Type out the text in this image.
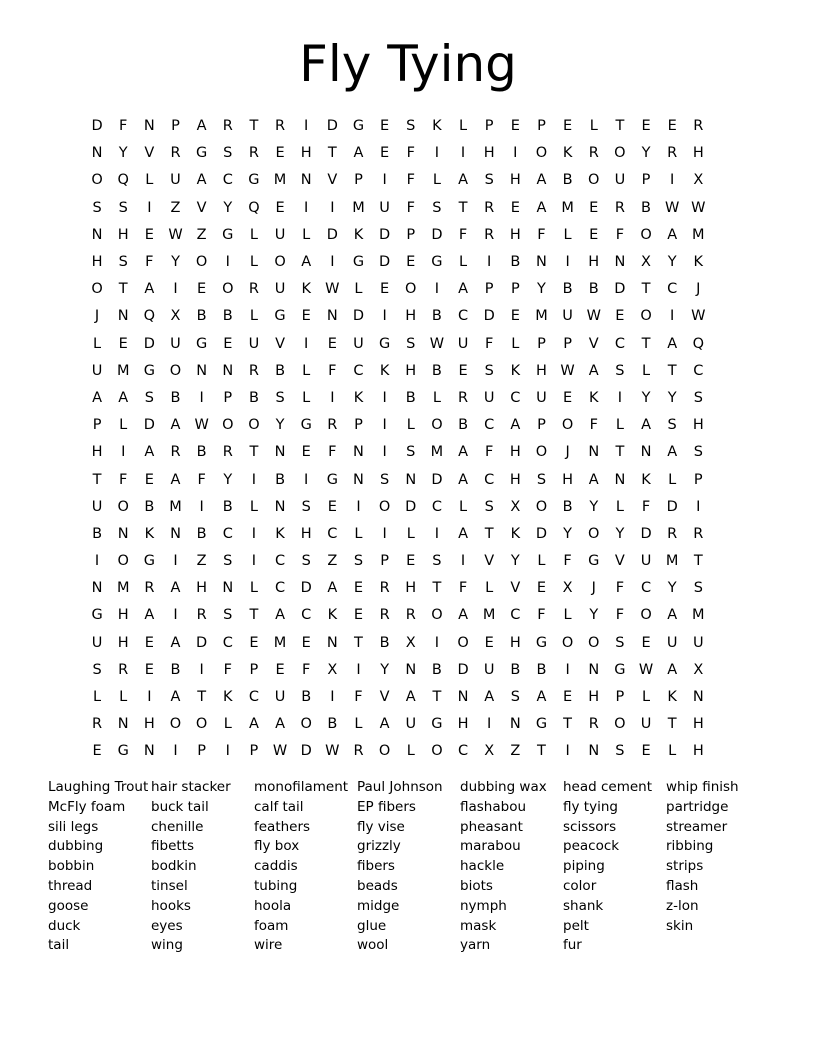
Fly Tying
D	F	N	P	A	R	T	R	I	D	G	E	S	K	L	P	E	P	E	L	T	E	E	R
N	Y	V	R	G	S	R	E	H	T	A	E	F	I	I	H	I	O	K	R	O	Y	R	H
O	Q	L	U	A	C	G M N	V	P	I	F	L	A	S	H	A	B	O	U	P	I	X
S	S	I	Z	V	Y	Q	E	I	I	M	U	F	S	T	R	E	A	M	E	R	B W W
N	H	E W Z	G	L	U	L	D	K	D	P	D	F	R	H	F	L	E	F	O	A	M
H	S	F	Y	O	I	L	O	A	I	G	D	E	G	L	I	B	N	I	H	N	X	Y	K
O	T	A	I	E	O	R	U	K W	L	E	O	I	A	P	P	Y	B	B	D	T	C	J
J	N	Q	X	B	B	L	G	E	N	D	I	H	B	C	D	E	M	U W E	O	I	W
L	E	D	U	G	E	U	V	I	E	U	G	S W U	F	L	P	P	V	C	T	A	Q
U	M G	O	N	N	R	B	L	F	C	K	H	B	E	S	K	H W A	S	L	T	C
A	A	S	B	I	P	B	S	L	I	K	I	B	L	R	U	C	U	E	K	I	Y	Y	S
P	L	D	A W O	O	Y	G	R	P	I	L	O	B	C	A	P	O	F	L	A	S	H
H	I	A	R	B	R	T	N	E	F	N	I	S	M	A	F	H	O	J	N	T	N	A	S
T	F	E	A	F	Y	I	B	I	G	N	S	N	D	A	C	H	S	H	A	N	K	L	P
U	O	B	M	I	B	L	N	S	E	I	O	D	C	L	S	X	O	B	Y	L	F	D	I
B	N	K	N	B	C	I	K	H	C	L	I	L	I	A	T	K	D	Y	O	Y	D	R	R
I	O	G	I	Z	S	I	C	S	Z	S	P	E	S	I	V	Y	L	F	G	V	U	M	T
N M	R	A	H	N	L	C	D	A	E	R	H	T	F	L	V	E	X	J	F	C	Y	S
G	H	A	I	R	S	T	A	C	K	E	R	R	O	A	M	C	F	L	Y	F	O	A	M
U	H	E	A	D	C	E	M	E	N	T	B	X	I	O	E	H	G	O	O	S	E	U	U
S	R	E	B	I	F	P	E	F	X	I	Y	N	B	D	U	B	B	I	N	G W A	X
L	L	I	A	T	K	C	U	B	I	F	V	A	T	N	A	S	A	E	H	P	L	K	N
R	N	H	O	O	L	A	A	O	B	L	A	U	G	H	I	N	G	T	R	O	U	T	H
E	G	N	I	P	I	P	W D W R	O	L	O	C	X	Z	T	I	N	S	E	L	H
Laughing Trout
McFly foam
sili legs
dubbing
bobbin
thread
goose
duck
tail
hair stacker
buck tail
chenille
fibetts
bodkin
tinsel
hooks
eyes
wing
monofilament
calf tail
feathers
fly box
caddis
tubing
hoola
foam
wire
Paul Johnson
EP fibers
fly vise
grizzly
fibers
beads
midge
glue
wool
dubbing wax
flashabou
pheasant
marabou
hackle
biots
nymph
mask
yarn
head cement
fly tying
scissors
peacock
piping
color
shank
pelt
fur
whip finish
partridge
streamer
ribbing
strips
flash
z-lon
skin
